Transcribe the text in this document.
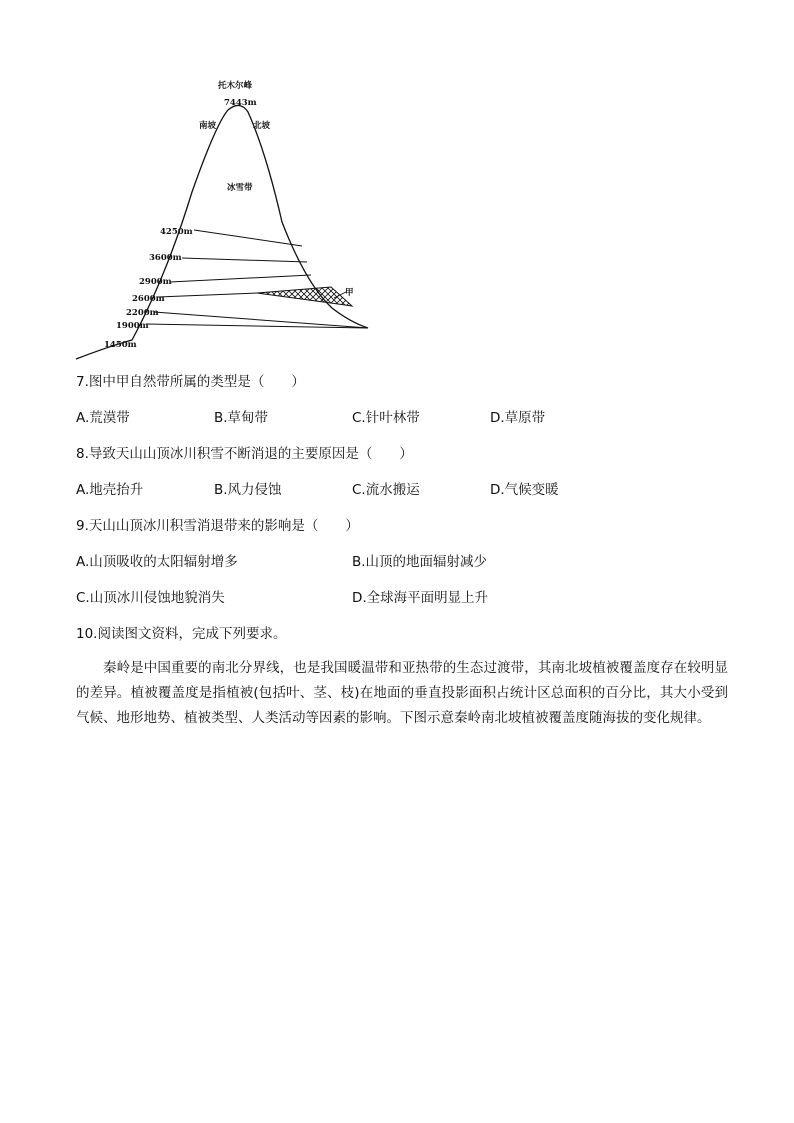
托木尔峰
7443m
南坡	北坡
冰雪带
甲
4250m
3600m
2900m
2600m
2200m
1900m
1450m
7.图中甲自然带所属的类型是（　　）
A.荒漠带	B.草甸带	C.针叶林带	D.草原带
8.导致天山山顶冰川积雪不断消退的主要原因是（　　）
A.地壳抬升	B.风力侵蚀	C.流水搬运	D.气候变暖
9.天山山顶冰川积雪消退带来的影响是（　　）
A.山顶吸收的太阳辐射增多	B.山顶的地面辐射减少
C.山顶冰川侵蚀地貌消失	D.全球海平面明显上升
10.阅读图文资料，完成下列要求。
秦岭是中国重要的南北分界线，也是我国暖温带和亚热带的生态过渡带，其南北坡植被覆盖度存在较明显的差异。植被覆盖度是指植被(包括叶、茎、枝)在地面的垂直投影面积占统计区总面积的百分比，其大小受到气候、地形地势、植被类型、人类活动等因素的影响。下图示意秦岭南北坡植被覆盖度随海拔的变化规律。
